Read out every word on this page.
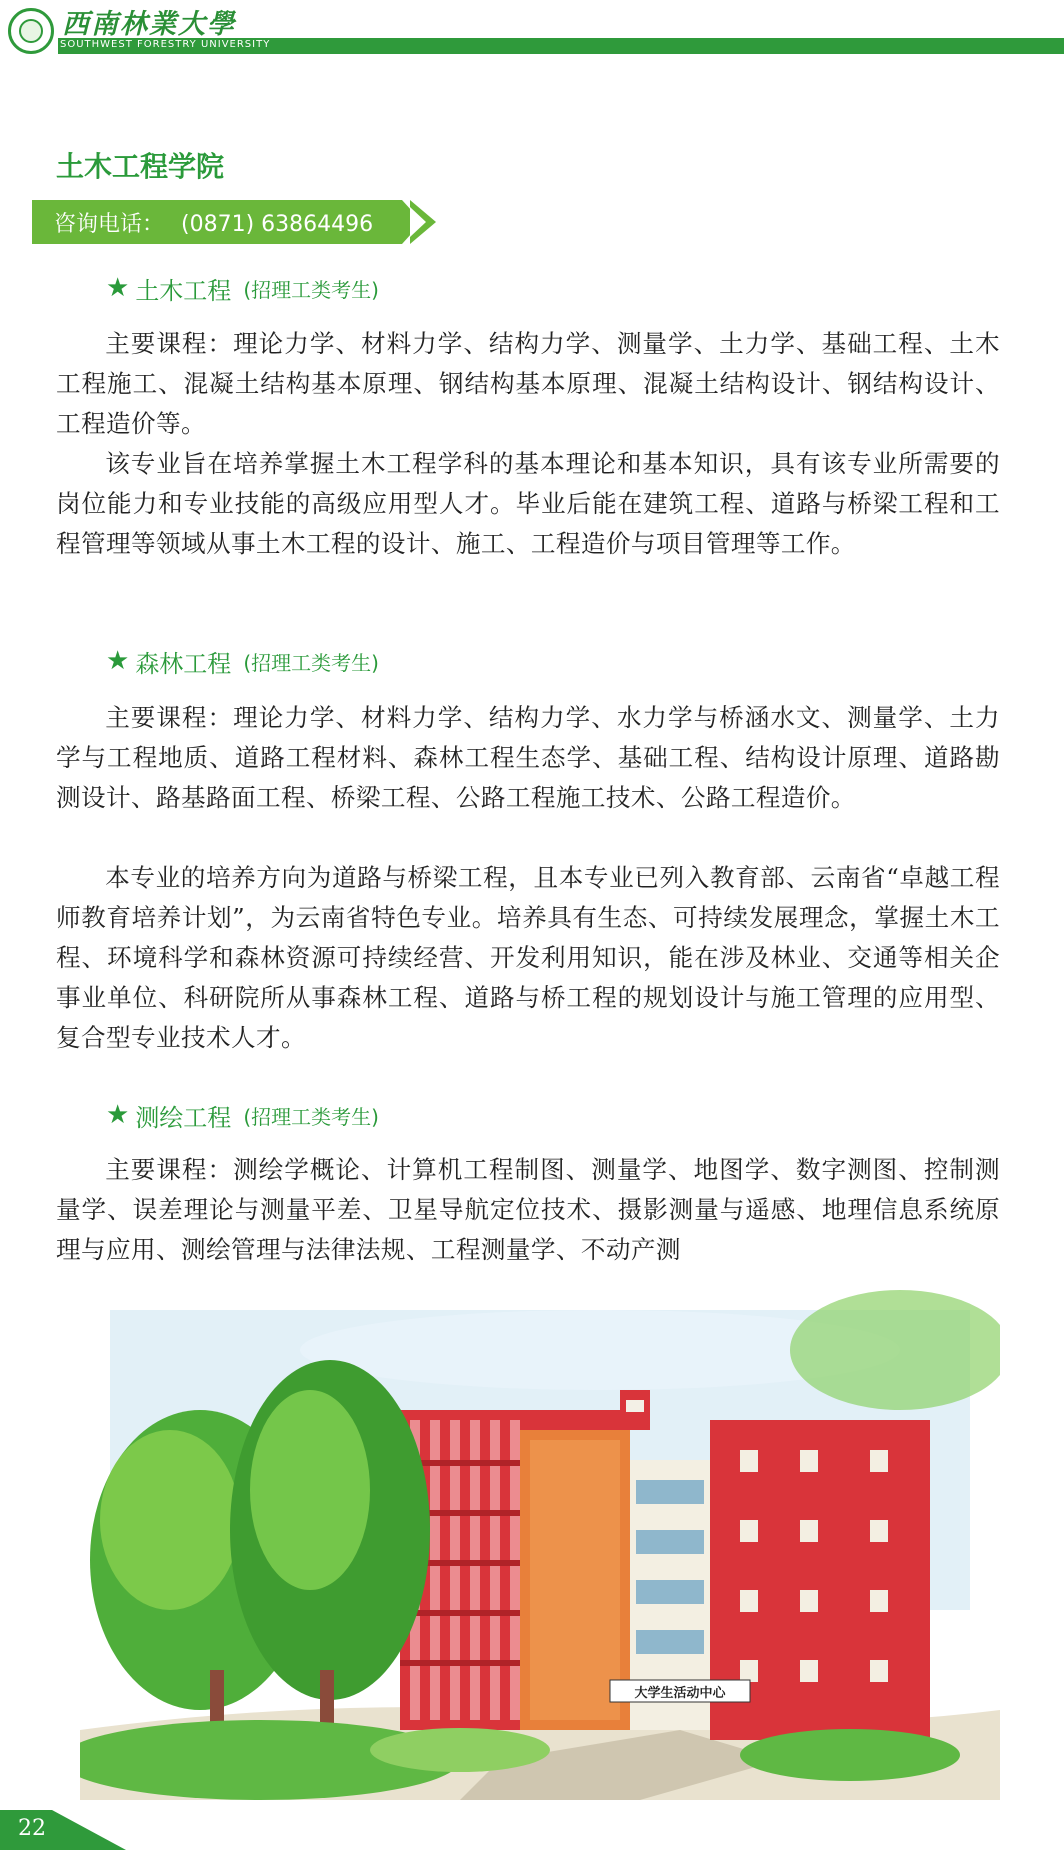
西南林業大學
SOUTHWEST FORESTRY UNIVERSITY
土木工程学院
咨询电话： (0871) 63864496
★ 土木工程 (招理工类考生)

主要课程：理论力学、材料力学、结构力学、测量学、土力学、基础工程、土木工程施工、混凝土结构基本原理、钢结构基本原理、混凝土结构设计、钢结构设计、工程造价等。

该专业旨在培养掌握土木工程学科的基本理论和基本知识，具有该专业所需要的岗位能力和专业技能的高级应用型人才。毕业后能在建筑工程、道路与桥梁工程和工程管理等领域从事土木工程的设计、施工、工程造价与项目管理等工作。

★ 森林工程 (招理工类考生)

主要课程：理论力学、材料力学、结构力学、水力学与桥涵水文、测量学、土力学与工程地质、道路工程材料、森林工程生态学、基础工程、结构设计原理、道路勘测设计、路基路面工程、桥梁工程、公路工程施工技术、公路工程造价。

本专业的培养方向为道路与桥梁工程，且本专业已列入教育部、云南省“卓越工程师教育培养计划”，为云南省特色专业。培养具有生态、可持续发展理念，掌握土木工程、环境科学和森林资源可持续经营、开发利用知识，能在涉及林业、交通等相关企事业单位、科研院所从事森林工程、道路与桥工程的规划设计与施工管理的应用型、复合型专业技术人才。

★ 测绘工程 (招理工类考生)

主要课程：测绘学概论、计算机工程制图、测量学、地图学、数字测图、控制测量学、误差理论与测量平差、卫星导航定位技术、摄影测量与遥感、地理信息系统原理与应用、测绘管理与法律法规、工程测量学、不动产测

大学生活动中心
22
